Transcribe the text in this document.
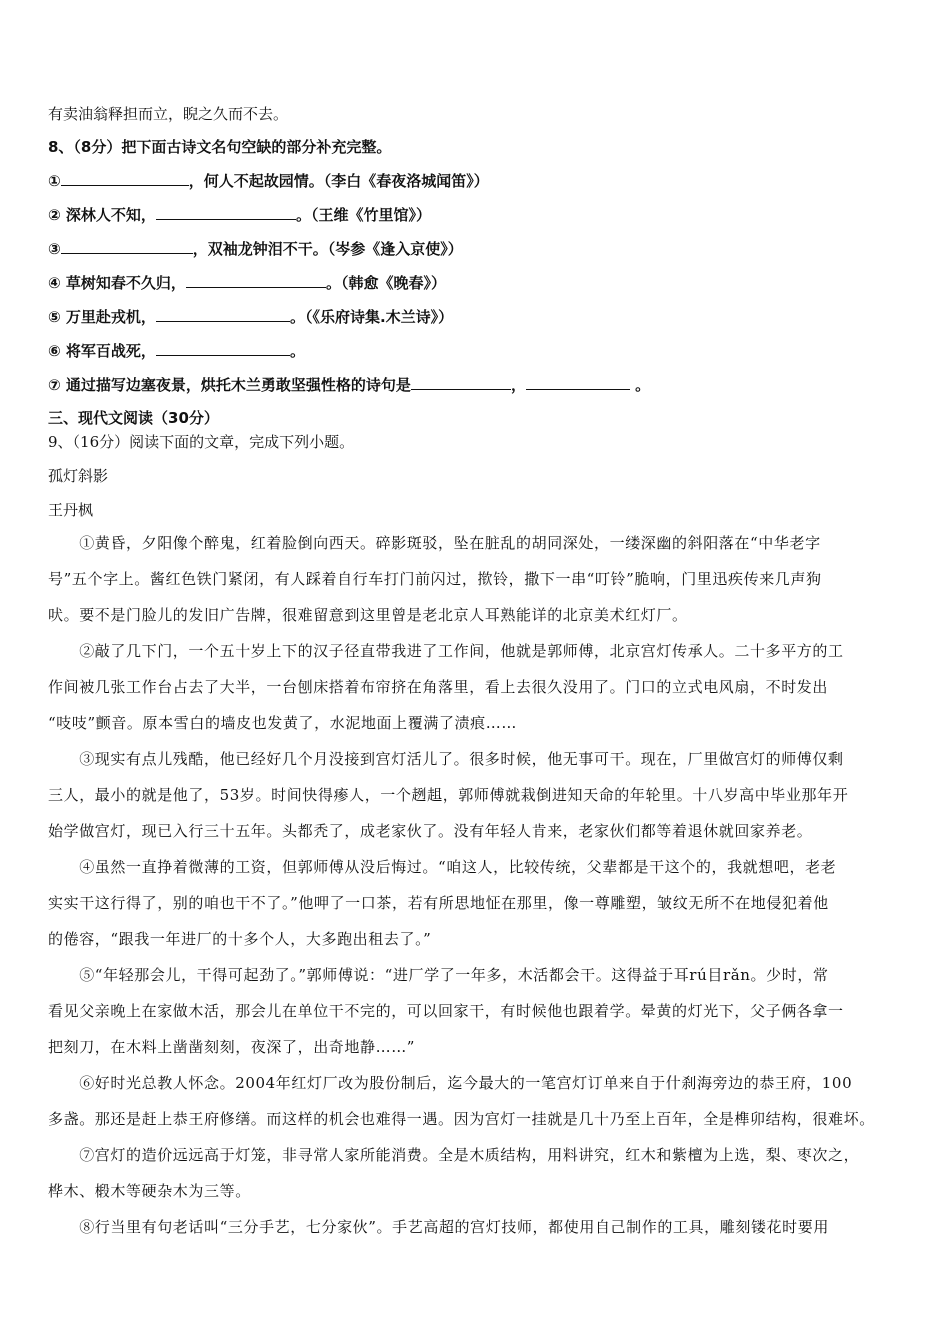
有卖油翁释担而立，睨之久而不去。
8、（8分）把下面古诗文名句空缺的部分补充完整。
①	，何人不起故园情。（李白《春夜洛城闻笛》）
② 深林人不知，	。（王维《竹里馆》）
③	，双袖龙钟泪不干。（岑参《逢入京使》）
④ 草树知春不久归，	。（韩愈《晚春》）
⑤ 万里赴戎机，	。（《乐府诗集.木兰诗》）
⑥ 将军百战死，	。
⑦ 通过描写边塞夜景，烘托木兰勇敢坚强性格的诗句是	，	。
三、现代文阅读（30分）
9、（16分）阅读下面的文章，完成下列小题。
孤灯斜影
王丹枫
　　①黄昏，夕阳像个醉鬼，红着脸倒向西天。碎影斑驳，坠在脏乱的胡同深处，一缕深幽的斜阳落在“中华老字
号”五个字上。酱红色铁门紧闭，有人踩着自行车打门前闪过，揿铃，撒下一串“叮铃”脆响，门里迅疾传来几声狗
吠。要不是门脸儿的发旧广告牌，很难留意到这里曾是老北京人耳熟能详的北京美术红灯厂。
　　②敲了几下门，一个五十岁上下的汉子径直带我进了工作间，他就是郭师傅，北京宫灯传承人。二十多平方的工
作间被几张工作台占去了大半，一台刨床搭着布帘挤在角落里，看上去很久没用了。门口的立式电风扇，不时发出
“吱吱”颤音。原本雪白的墙皮也发黄了，水泥地面上覆满了渍痕……
　　③现实有点儿残酷，他已经好几个月没接到宫灯活儿了。很多时候，他无事可干。现在，厂里做宫灯的师傅仅剩
三人，最小的就是他了，53岁。时间快得瘆人，一个趔趄，郭师傅就栽倒进知天命的年轮里。十八岁高中毕业那年开
始学做宫灯，现已入行三十五年。头都秃了，成老家伙了。没有年轻人肯来，老家伙们都等着退休就回家养老。
　　④虽然一直挣着微薄的工资，但郭师傅从没后悔过。“咱这人，比较传统，父辈都是干这个的，我就想吧，老老
实实干这行得了，别的咱也干不了。”他呷了一口茶，若有所思地怔在那里，像一尊雕塑，皱纹无所不在地侵犯着他
的倦容，“跟我一年进厂的十多个人，大多跑出租去了。”
　　⑤“年轻那会儿，干得可起劲了。”郭师傅说：“进厂学了一年多，木活都会干。这得益于耳rú目rǎn。少时，常
看见父亲晚上在家做木活，那会儿在单位干不完的，可以回家干，有时候他也跟着学。晕黄的灯光下，父子俩各拿一
把刻刀，在木料上凿凿刻刻，夜深了，出奇地静……”
　　⑥好时光总教人怀念。2004年红灯厂改为股份制后，迄今最大的一笔宫灯订单来自于什刹海旁边的恭王府，100
多盏。那还是赶上恭王府修缮。而这样的机会也难得一遇。因为宫灯一挂就是几十乃至上百年，全是榫卯结构，很难坏。
　　⑦宫灯的造价远远高于灯笼，非寻常人家所能消费。全是木质结构，用料讲究，红木和紫檀为上选，梨、枣次之，
桦木、椴木等硬杂木为三等。
　　⑧行当里有句老话叫“三分手艺，七分家伙”。手艺高超的宫灯技师，都使用自己制作的工具，雕刻镂花时要用
